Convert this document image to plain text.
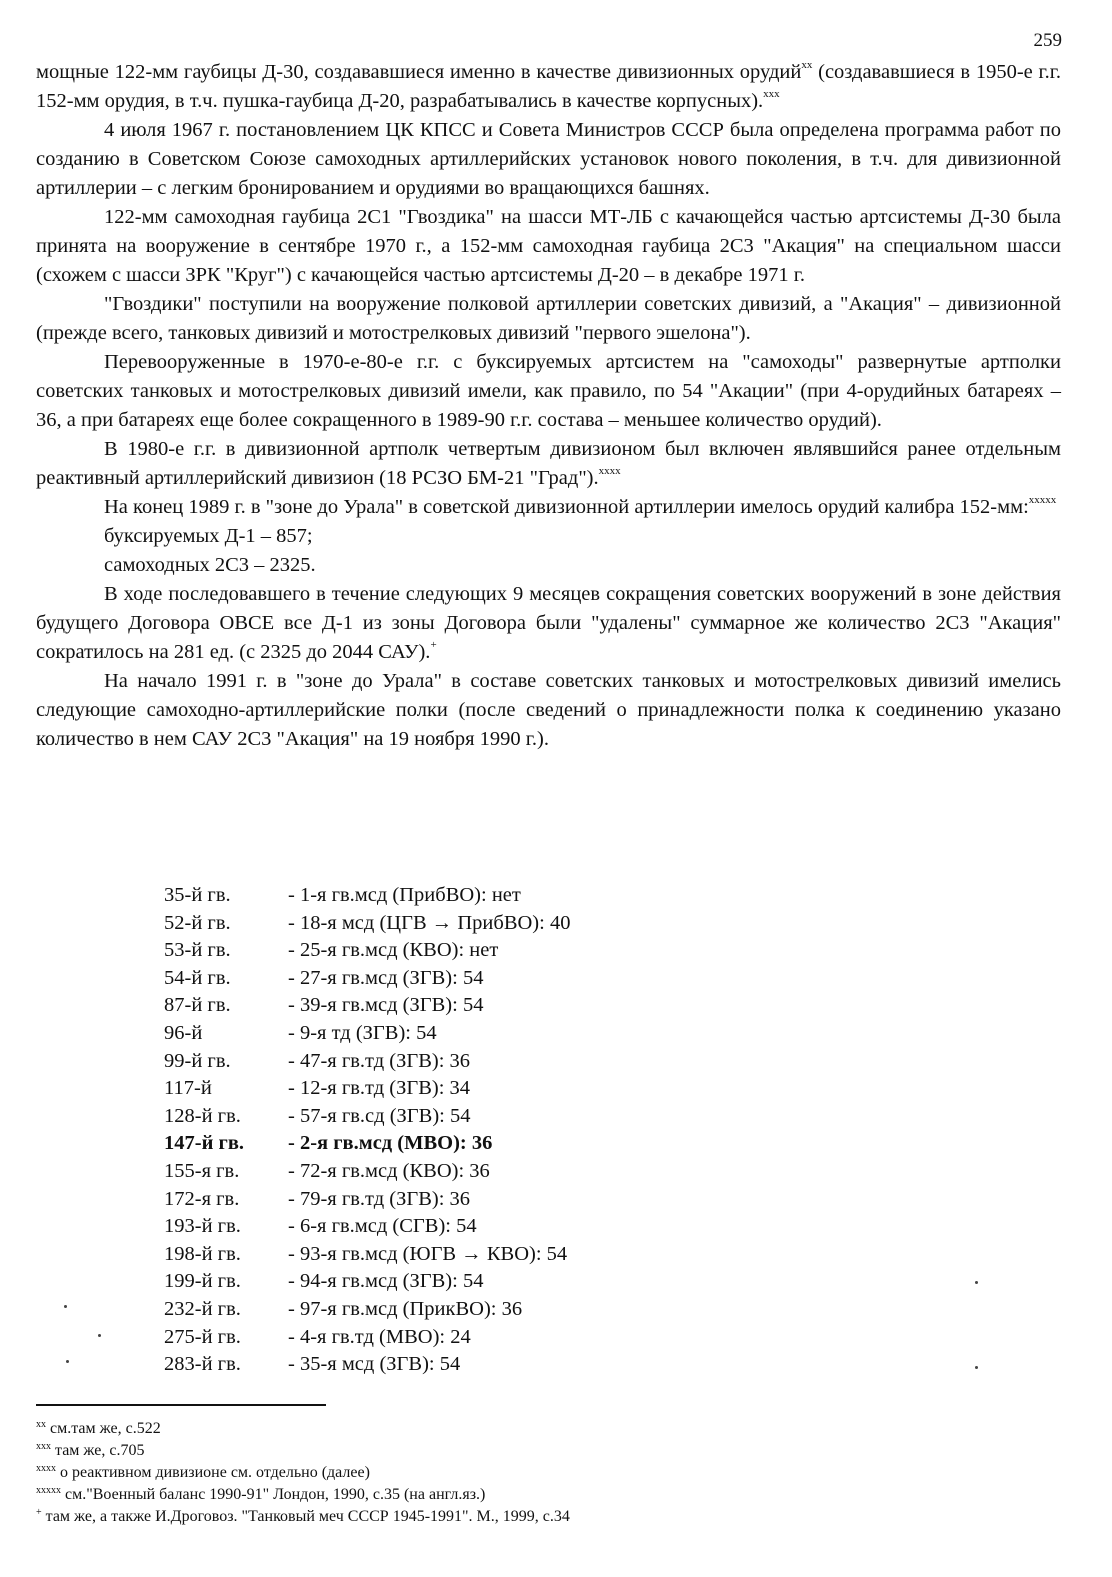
259

мощные 122-мм гаубицы Д-30, создававшиеся именно в качестве дивизионных орудий$^{xx}$ (создававшиеся в 1950-е г.г. 152-мм орудия, в т.ч. пушка-гаубица Д-20, разрабатывались в качестве корпусных).$^{xxx}$

4 июля 1967 г. постановлением ЦК КПСС и Совета Министров СССР была определена программа работ по созданию в Советском Союзе самоходных артиллерийских установок нового поколения, в т.ч. для дивизионной артиллерии – с легким бронированием и орудиями во вращающихся башнях.

122-мм самоходная гаубица 2С1 "Гвоздика" на шасси МТ-ЛБ с качающейся частью артсистемы Д-30 была принята на вооружение в сентябре 1970 г., а 152-мм самоходная гаубица 2С3 "Акация" на специальном шасси (схожем с шасси ЗРК "Круг") с качающейся частью артсистемы Д-20 – в декабре 1971 г.

"Гвоздики" поступили на вооружение полковой артиллерии советских дивизий, а "Акация" – дивизионной (прежде всего, танковых дивизий и мотострелковых дивизий "первого эшелона").

Перевооруженные в 1970-е-80-е г.г. с буксируемых артсистем на "самоходы" развернутые артполки советских танковых и мотострелковых дивизий имели, как правило, по 54 "Акации" (при 4-орудийных батареях – 36, а при батареях еще более сокращенного в 1989-90 г.г. состава – меньшее количество орудий).

В 1980-е г.г. в дивизионной артполк четвертым дивизионом был включен являвшийся ранее отдельным реактивный артиллерийский дивизион (18 РСЗО БМ-21 "Град").$^{xxxx}$

На конец 1989 г. в "зоне до Урала" в советской дивизионной артиллерии имелось орудий калибра 152-мм:$^{xxxxx}$

буксируемых Д-1 – 857;

самоходных 2С3 – 2325.

В ходе последовавшего в течение следующих 9 месяцев сокращения советских вооружений в зоне действия будущего Договора ОВСЕ все Д-1 из зоны Договора были "удалены" суммарное же количество 2С3 "Акация" сократилось на 281 ед. (с 2325 до 2044 САУ).+

На начало 1991 г. в "зоне до Урала" в составе советских танковых и мотострелковых дивизий имелись следующие самоходно-артиллерийские полки (после сведений о принадлежности полка к соединению указано количество в нем САУ 2С3 "Акация" на 19 ноября 1990 г.).

35-й гв.	- 1-я гв.мсд (ПрибВО): нет
52-й гв.	- 18-я мсд (ЦГВ → ПрибВО): 40
53-й гв.	- 25-я гв.мсд (КВО): нет
54-й гв.	- 27-я гв.мсд (ЗГВ): 54
87-й гв.	- 39-я гв.мсд (ЗГВ): 54
96-й	- 9-я тд (ЗГВ): 54
99-й гв.	- 47-я гв.тд (ЗГВ): 36
117-й	- 12-я гв.тд (ЗГВ): 34
128-й гв.	- 57-я гв.сд (ЗГВ): 54
147-й гв.	- 2-я гв.мсд (МВО): 36
155-я гв.	- 72-я гв.мсд (КВО): 36
172-я гв.	- 79-я гв.тд (ЗГВ): 36
193-й гв.	- 6-я гв.мсд (СГВ): 54
198-й гв.	- 93-я гв.мсд (ЮГВ → КВО): 54
199-й гв.	- 94-я гв.мсд (ЗГВ): 54
232-й гв.	- 97-я гв.мсд (ПрикВО): 36
275-й гв.	- 4-я гв.тд (МВО): 24
283-й гв.	- 35-я мсд (ЗГВ): 54
$^{xx}$ см.там же, с.522
$^{xxx}$ там же, с.705
$^{xxxx}$ о реактивном дивизионе см. отдельно (далее)
$^{xxxxx}$ см."Военный баланс 1990-91" Лондон, 1990, с.35 (на англ.яз.)
+ там же, а также И.Дроговоз. "Танковый меч СССР 1945-1991". М., 1999, с.34
